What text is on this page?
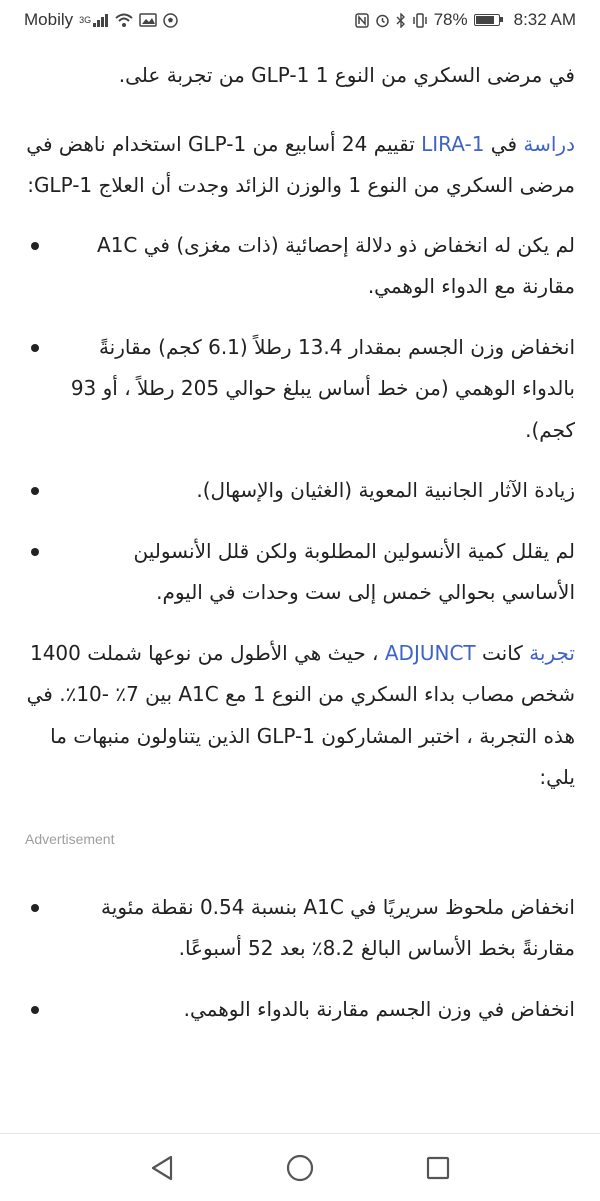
Mobily 3G	78%	8:32 AM

في مرضى السكري من النوع 1 GLP-1 من تجربة على.

دراسة في LIRA-1 تقييم 24 أسابيع من GLP-1 استخدام ناهض في مرضى السكري من النوع 1 والوزن الزائد وجدت أن العلاج GLP-1:

لم يكن له انخفاض ذو دلالة إحصائية (ذات مغزى) في A1C مقارنة مع الدواء الوهمي.
انخفاض وزن الجسم بمقدار 13.4 رطلاً (6.1 كجم) مقارنةً بالدواء الوهمي (من خط أساس يبلغ حوالي 205 رطلاً ، أو 93 كجم).
زيادة الآثار الجانبية المعوية (الغثيان والإسهال).
لم يقلل كمية الأنسولين المطلوبة ولكن قلل الأنسولين الأساسي بحوالي خمس إلى ست وحدات في اليوم.

تجربة كانت ADJUNCT ، حيث هي الأطول من نوعها شملت 1400 شخص مصاب بداء السكري من النوع 1 مع A1C بين 7٪ -10٪. في هذه التجربة ، اختبر المشاركون GLP-1 الذين يتناولون منبهات ما يلي:

Advertisement
انخفاض ملحوظ سريريًا في A1C بنسبة 0.54 نقطة مئوية مقارنةً بخط الأساس البالغ 8.2٪ بعد 52 أسبوعًا.
انخفاض في وزن الجسم مقارنة بالدواء الوهمي.
